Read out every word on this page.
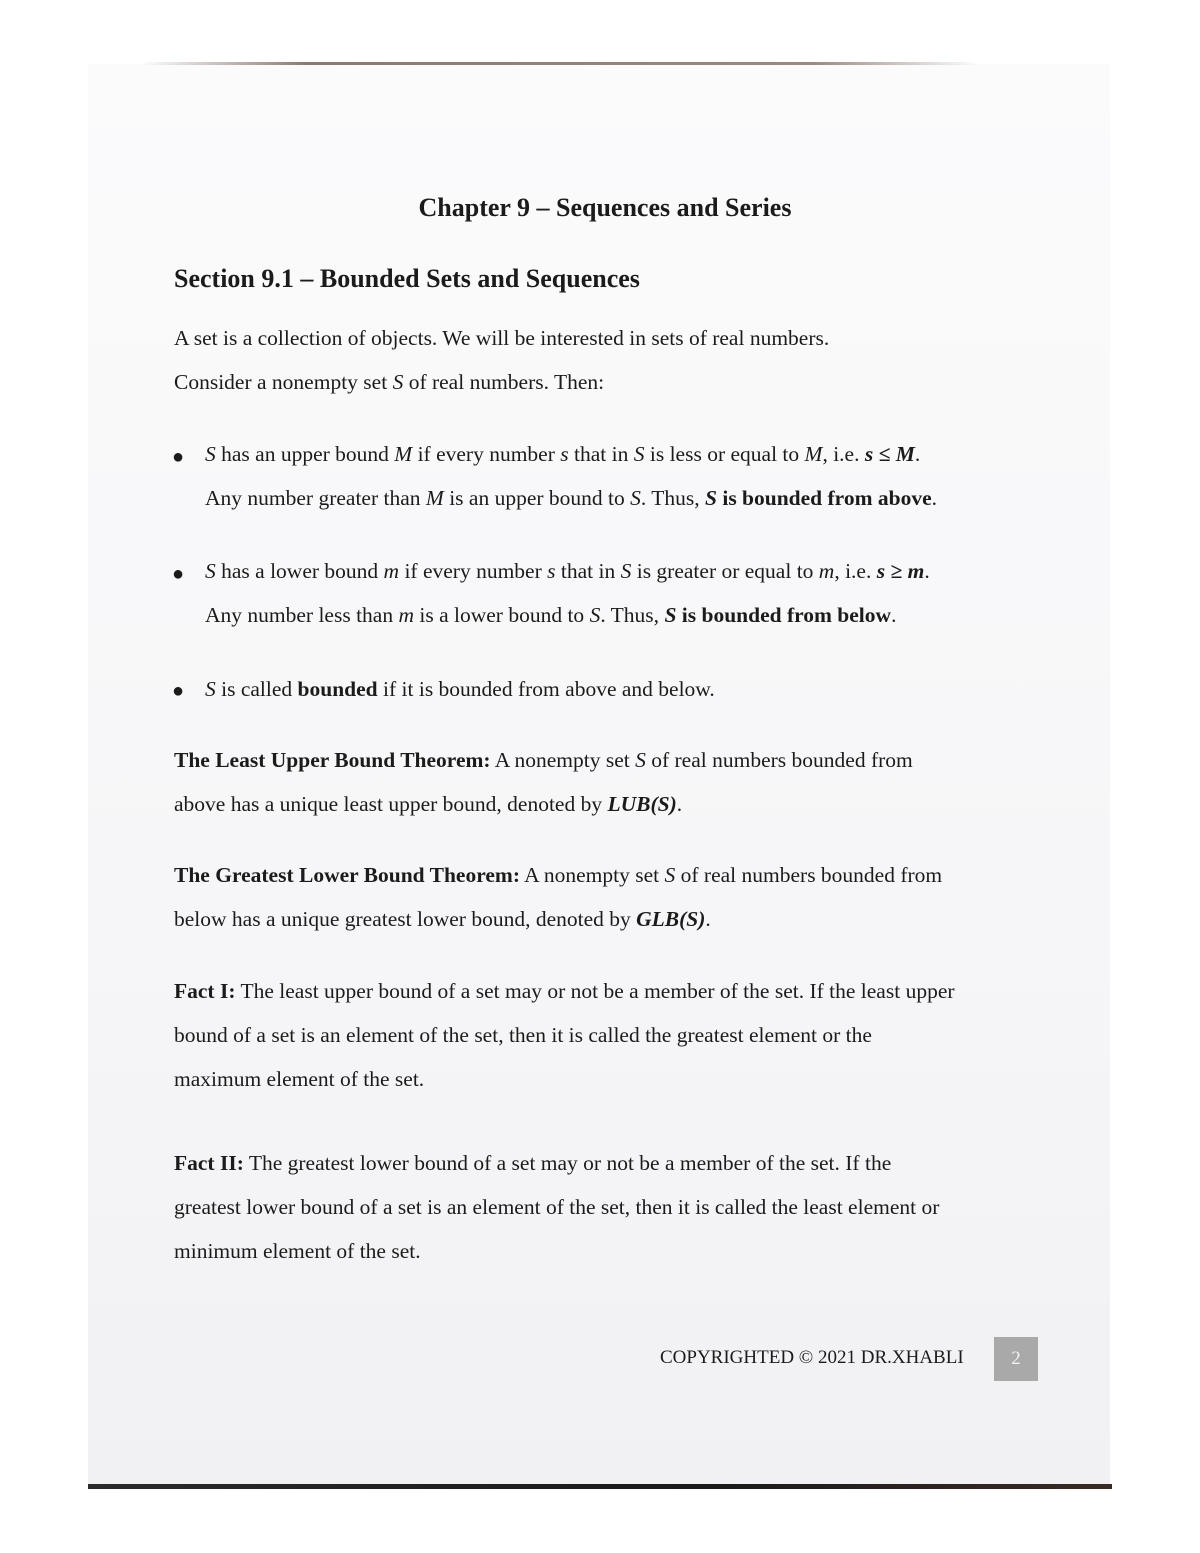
Chapter 9 – Sequences and Series
Section 9.1 – Bounded Sets and Sequences
A set is a collection of objects. We will be interested in sets of real numbers.
Consider a nonempty set S of real numbers. Then:
● S has an upper bound M if every number s that in S is less or equal to M, i.e. s ≤ M.
Any number greater than M is an upper bound to S. Thus, S is bounded from above.
● S has a lower bound m if every number s that in S is greater or equal to m, i.e. s ≥ m.
Any number less than m is a lower bound to S. Thus, S is bounded from below.
● S is called bounded if it is bounded from above and below.
The Least Upper Bound Theorem: A nonempty set S of real numbers bounded from
above has a unique least upper bound, denoted by LUB(S).
The Greatest Lower Bound Theorem: A nonempty set S of real numbers bounded from
below has a unique greatest lower bound, denoted by GLB(S).
Fact I: The least upper bound of a set may or not be a member of the set. If the least upper
bound of a set is an element of the set, then it is called the greatest element or the
maximum element of the set.
Fact II: The greatest lower bound of a set may or not be a member of the set. If the
greatest lower bound of a set is an element of the set, then it is called the least element or
minimum element of the set.
COPYRIGHTED © 2021 DR.XHABLI	2
